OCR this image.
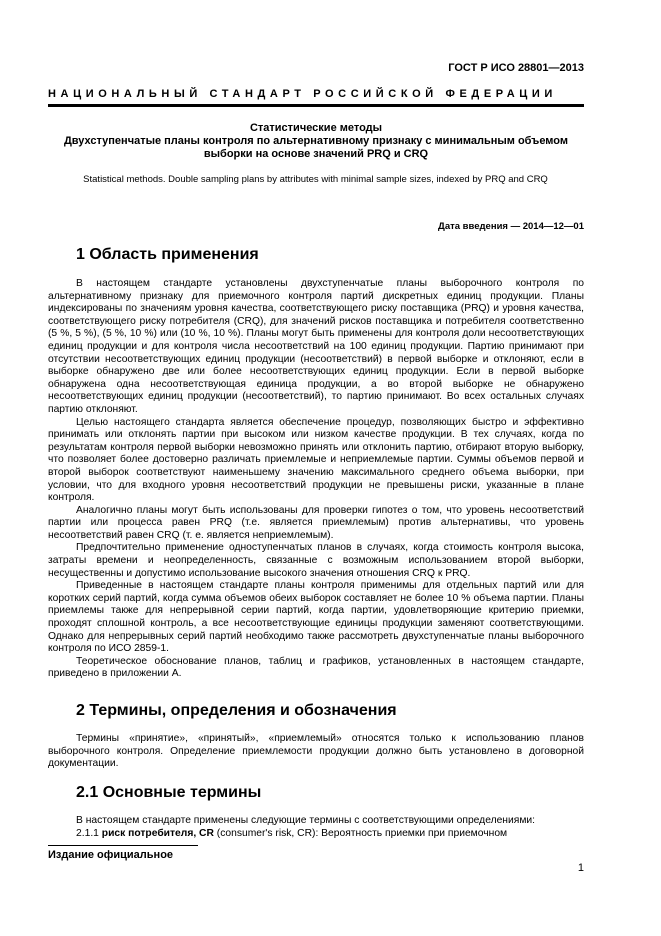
ГОСТ Р ИСО 28801—2013
НАЦИОНАЛЬНЫЙ СТАНДАРТ РОССИЙСКОЙ ФЕДЕРАЦИИ
Статистические методы
Двухступенчатые планы контроля по альтернативному признаку с минимальным объемом
выборки на основе значений PRQ и CRQ
Statistical methods. Double sampling plans by attributes with minimal sample sizes, indexed by PRQ and CRQ
Дата введения — 2014—12—01
1 Область применения

В настоящем стандарте установлены двухступенчатые планы выборочного контроля по альтернативному признаку для приемочного контроля партий дискретных единиц продукции. Планы индексированы по значениям уровня качества, соответствующего риску поставщика (PRQ) и уровня качества, соответствующего риску потребителя (CRQ), для значений рисков поставщика и потребителя соответственно (5 %, 5 %), (5 %, 10 %) или (10 %, 10 %). Планы могут быть применены для контроля доли несоответствующих единиц продукции и для контроля числа несоответствий на 100 единиц продукции. Партию принимают при отсутствии несоответствующих единиц продукции (несоответствий) в первой выборке и отклоняют, если в выборке обнаружено две или более несоответствующих единиц продукции. Если в первой выборке обнаружена одна несоответствующая единица продукции, а во второй выборке не обнаружено несоответствующих единиц продукции (несоответствий), то партию принимают. Во всех остальных случаях партию отклоняют.

Целью настоящего стандарта является обеспечение процедур, позволяющих быстро и эффективно принимать или отклонять партии при высоком или низком качестве продукции. В тех случаях, когда по результатам контроля первой выборки невозможно принять или отклонить партию, отбирают вторую выборку, что позволяет более достоверно различать приемлемые и неприемлемые партии. Суммы объемов первой и второй выборок соответствуют наименьшему значению максимального среднего объема выборки, при условии, что для входного уровня несоответствий продукции не превышены риски, указанные в плане контроля.

Аналогично планы могут быть использованы для проверки гипотез о том, что уровень несоответствий партии или процесса равен PRQ (т.е. является приемлемым) против альтернативы, что уровень несоответствий равен CRQ (т. е. является неприемлемым).

Предпочтительно применение одноступенчатых планов в случаях, когда стоимость контроля высока, затраты времени и неопределенность, связанные с возможным использованием второй выборки, несущественны и допустимо использование высокого значения отношения CRQ к PRQ.

Приведенные в настоящем стандарте планы контроля применимы для отдельных партий или для коротких серий партий, когда сумма объемов обеих выборок составляет не более 10 % объема партии. Планы приемлемы также для непрерывной серии партий, когда партии, удовлетворяющие критерию приемки, проходят сплошной контроль, а все несоответствующие единицы продукции заменяют соответствующими. Однако для непрерывных серий партий необходимо также рассмотреть двухступенчатые планы выборочного контроля по ИСО 2859-1.

Теоретическое обоснование планов, таблиц и графиков, установленных в настоящем стандарте, приведено в приложении А.

2 Термины, определения и обозначения

Термины «принятие», «принятый», «приемлемый» относятся только к использованию планов выборочного контроля. Определение приемлемости продукции должно быть установлено в договорной документации.

2.1 Основные термины

В настоящем стандарте применены следующие термины с соответствующими определениями:

2.1.1 риск потребителя, CR (consumer's risk, CR): Вероятность приемки при приемочном

Издание официальное
1
